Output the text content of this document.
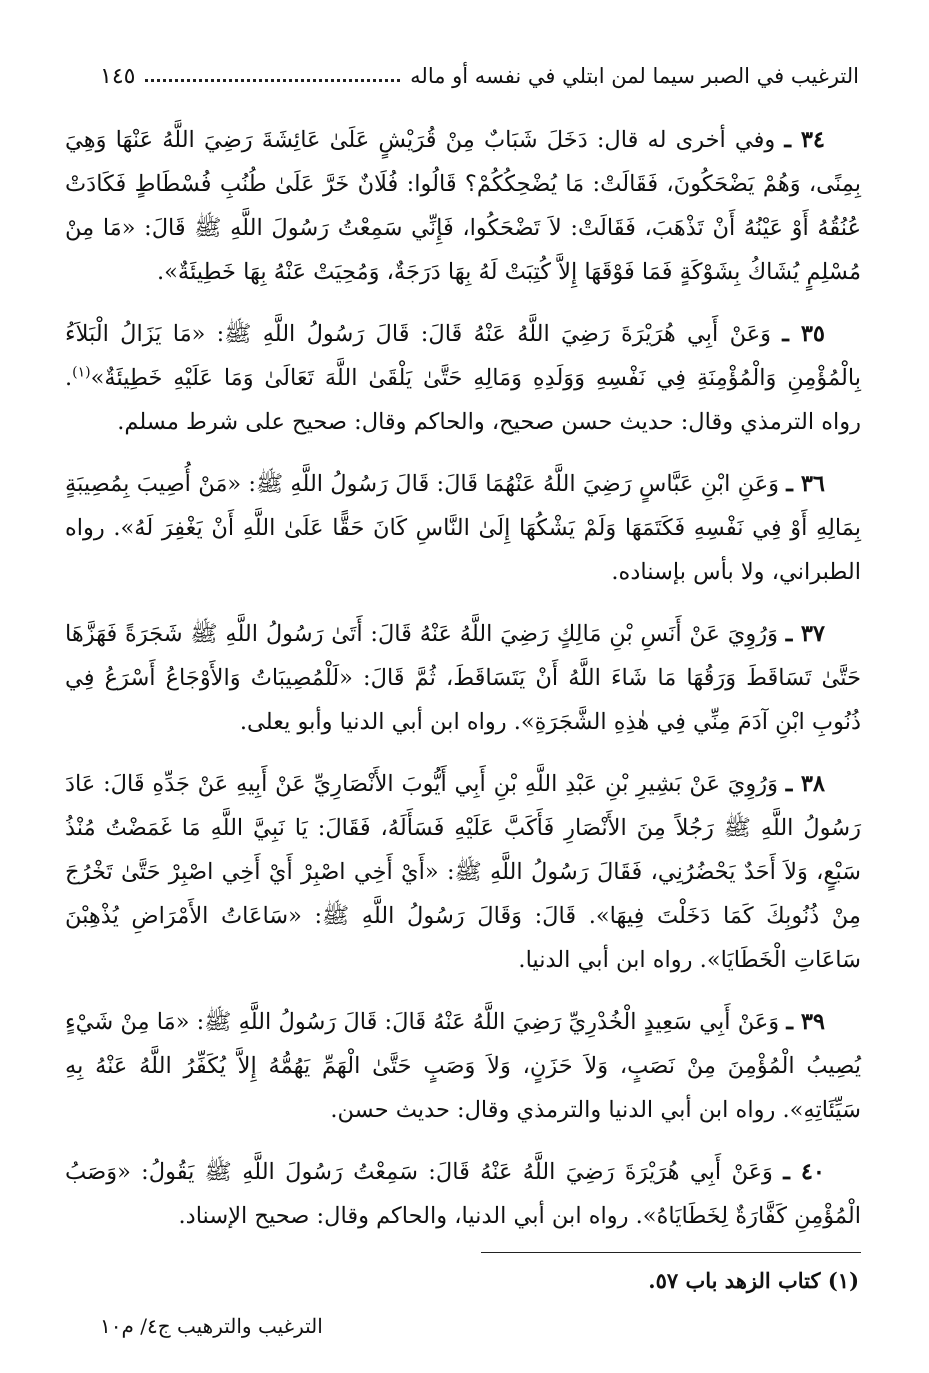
الترغيب في الصبر سيما لمن ابتلي في نفسه أو ماله
١٤٥

٣٤ ـ وفي أخرى له قال: دَخَلَ شَبَابٌ مِنْ قُرَيْشٍ عَلَىٰ عَائِشَةَ رَضِيَ اللَّهُ عَنْهَا وَهِيَ بِمِنًى، وَهُمْ يَضْحَكُونَ، فَقَالَتْ: مَا يُضْحِكُكُمْ؟ قَالُوا: فُلَانٌ خَرَّ عَلَىٰ طُنُبِ فُسْطَاطٍ فَكَادَتْ عُنُقُهُ أَوْ عَيْنُهُ أَنْ تَذْهَبَ، فَقَالَتْ: لاَ تَضْحَكُوا، فَإِنِّي سَمِعْتُ رَسُولَ اللَّهِ ﷺ قَالَ: «مَا مِنْ مُسْلِمٍ يُشَاكُ بِشَوْكَةٍ فَمَا فَوْقَهَا إِلاَّ كُتِبَتْ لَهُ بِهَا دَرَجَةٌ، وَمُحِيَتْ عَنْهُ بِهَا خَطِيئَةٌ».

٣٥ ـ وَعَنْ أَبِي هُرَيْرَةَ رَضِيَ اللَّهُ عَنْهُ قَالَ: قَالَ رَسُولُ اللَّهِ ﷺ: «مَا يَزَالُ الْبَلاَءُ بِالْمُؤْمِنِ وَالْمُؤْمِنَةِ فِي نَفْسِهِ وَوَلَدِهِ وَمَالِهِ حَتَّىٰ يَلْقَىٰ اللَّهَ تَعَالَىٰ وَمَا عَلَيْهِ خَطِيئَةٌ»$^{(١)}$. رواه الترمذي وقال: حديث حسن صحيح، والحاكم وقال: صحيح على شرط مسلم.

٣٦ ـ وَعَنِ ابْنِ عَبَّاسٍ رَضِيَ اللَّهُ عَنْهُمَا قَالَ: قَالَ رَسُولُ اللَّهِ ﷺ: «مَنْ أُصِيبَ بِمُصِيبَةٍ بِمَالِهِ أَوْ فِي نَفْسِهِ فَكَتَمَهَا وَلَمْ يَشْكُهَا إِلَىٰ النَّاسِ كَانَ حَقًّا عَلَىٰ اللَّهِ أَنْ يَغْفِرَ لَهُ». رواه الطبراني، ولا بأس بإسناده.

٣٧ ـ وَرُوِيَ عَنْ أَنَسِ بْنِ مَالِكٍ رَضِيَ اللَّهُ عَنْهُ قَالَ: أَتَىٰ رَسُولُ اللَّهِ ﷺ شَجَرَةً فَهَزَّهَا حَتَّىٰ تَسَاقَطَ وَرَقُهَا مَا شَاءَ اللَّهُ أَنْ يَتَسَاقَطَ، ثُمَّ قَالَ: «لَلْمُصِيبَاتُ وَالأَوْجَاعُ أَسْرَعُ فِي ذُنُوبِ ابْنِ آدَمَ مِنِّي فِي هٰذِهِ الشَّجَرَةِ». رواه ابن أبي الدنيا وأبو يعلى.

٣٨ ـ وَرُوِيَ عَنْ بَشِيرِ بْنِ عَبْدِ اللَّهِ بْنِ أَبِي أَيُّوبَ الأَنْصَارِيِّ عَنْ أَبِيهِ عَنْ جَدِّهِ قَالَ: عَادَ رَسُولُ اللَّهِ ﷺ رَجُلاً مِنَ الأَنْصَارِ فَأَكَبَّ عَلَيْهِ فَسَأَلَهُ، فَقَالَ: يَا نَبِيَّ اللَّهِ مَا غَمَضْتُ مُنْذُ سَبْعٍ، وَلاَ أَحَدٌ يَحْضُرُنِي، فَقَالَ رَسُولُ اللَّهِ ﷺ: «أَيْ أَخِي اصْبِرْ أَيْ أَخِي اصْبِرْ حَتَّىٰ تَخْرُجَ مِنْ ذُنُوبِكَ كَمَا دَخَلْتَ فِيهَا». قَالَ: وَقَالَ رَسُولُ اللَّهِ ﷺ: «سَاعَاتُ الأَمْرَاضِ يُذْهِبْنَ سَاعَاتِ الْخَطَايَا». رواه ابن أبي الدنيا.

٣٩ ـ وَعَنْ أَبِي سَعِيدٍ الْخُدْرِيِّ رَضِيَ اللَّهُ عَنْهُ قَالَ: قَالَ رَسُولُ اللَّهِ ﷺ: «مَا مِنْ شَيْءٍ يُصِيبُ الْمُؤْمِنَ مِنْ نَصَبٍ، وَلاَ حَزَنٍ، وَلاَ وَصَبٍ حَتَّىٰ الْهَمِّ يَهُمُّهُ إِلاَّ يُكَفِّرُ اللَّهُ عَنْهُ بِهِ سَيِّئَاتِهِ». رواه ابن أبي الدنيا والترمذي وقال: حديث حسن.

٤٠ ـ وَعَنْ أَبِي هُرَيْرَةَ رَضِيَ اللَّهُ عَنْهُ قَالَ: سَمِعْتُ رَسُولَ اللَّهِ ﷺ يَقُولُ: «وَصَبُ الْمُؤْمِنِ كَفَّارَةٌ لِخَطَايَاهُ». رواه ابن أبي الدنيا، والحاكم وقال: صحيح الإسناد.

(١) كتاب الزهد باب ٥٧.
الترغيب والترهيب ج٤/ م١٠
